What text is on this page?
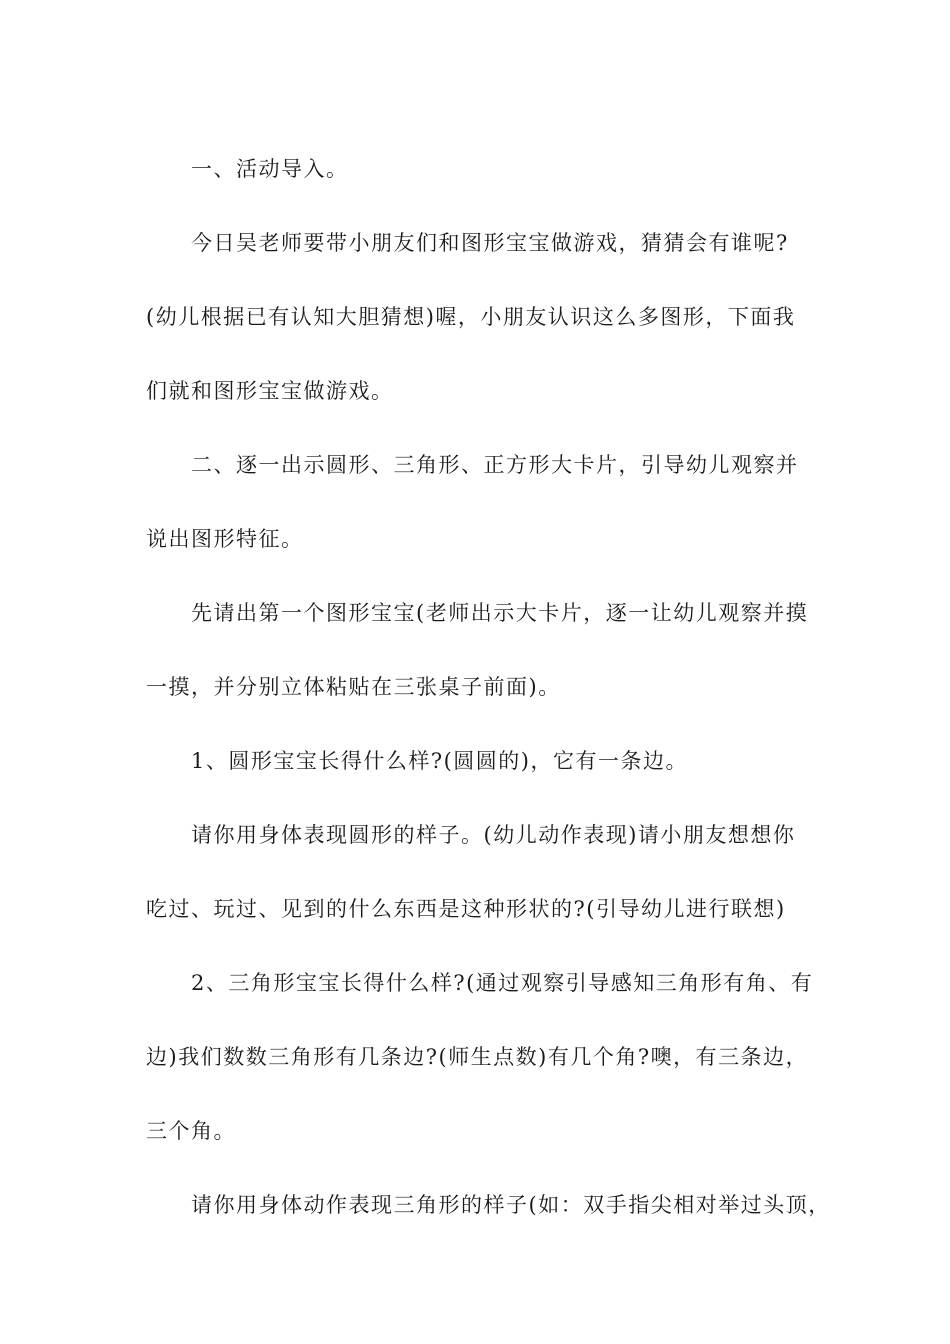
一、活动导入。

今日吴老师要带小朋友们和图形宝宝做游戏，猜猜会有谁呢?
(幼儿根据已有认知大胆猜想)喔，小朋友认识这么多图形，下面我
们就和图形宝宝做游戏。

二、逐一出示圆形、三角形、正方形大卡片，引导幼儿观察并
说出图形特征。

先请出第一个图形宝宝(老师出示大卡片，逐一让幼儿观察并摸
一摸，并分别立体粘贴在三张桌子前面)。

1、圆形宝宝长得什么样?(圆圆的)，它有一条边。

请你用身体表现圆形的样子。(幼儿动作表现)请小朋友想想你
吃过、玩过、见到的什么东西是这种形状的?(引导幼儿进行联想)

2、三角形宝宝长得什么样?(通过观察引导感知三角形有角、有
边)我们数数三角形有几条边?(师生点数)有几个角?噢，有三条边，
三个角。

请你用身体动作表现三角形的样子(如：双手指尖相对举过头顶，
